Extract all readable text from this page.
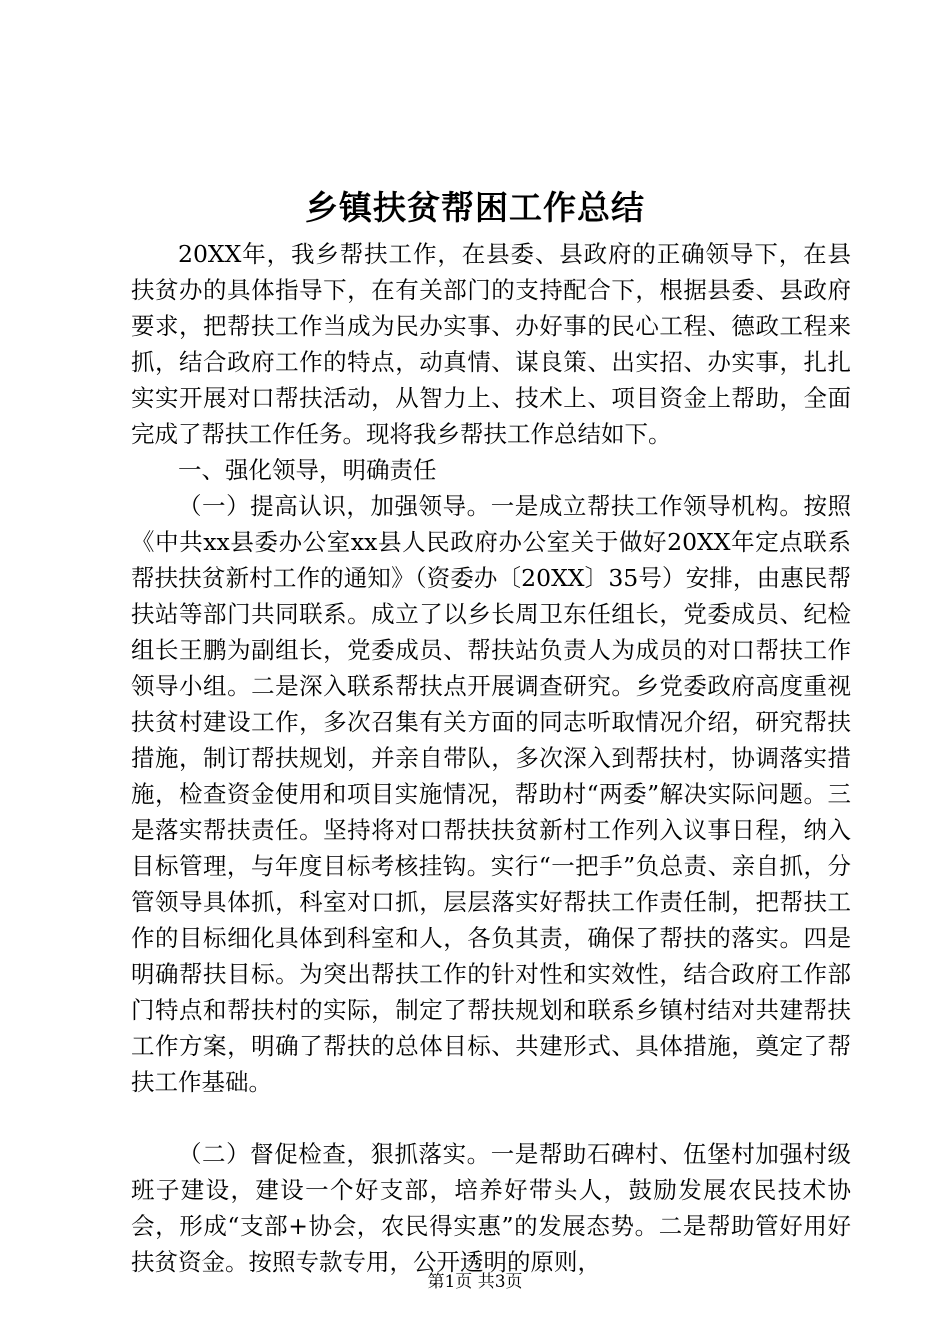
乡镇扶贫帮困工作总结

20XX年，我乡帮扶工作，在县委、县政府的正确领导下，在县扶贫办的具体指导下，在有关部门的支持配合下，根据县委、县政府要求，把帮扶工作当成为民办实事、办好事的民心工程、德政工程来抓，结合政府工作的特点，动真情、谋良策、出实招、办实事，扎扎实实开展对口帮扶活动，从智力上、技术上、项目资金上帮助，全面完成了帮扶工作任务。现将我乡帮扶工作总结如下。

一、强化领导，明确责任

（一）提高认识，加强领导。一是成立帮扶工作领导机构。按照《中共xx县委办公室xx县人民政府办公室关于做好20XX年定点联系帮扶扶贫新村工作的通知》（资委办〔20XX〕35号）安排，由惠民帮扶站等部门共同联系。成立了以乡长周卫东任组长，党委成员、纪检组长王鹏为副组长，党委成员、帮扶站负责人为成员的对口帮扶工作领导小组。二是深入联系帮扶点开展调查研究。乡党委政府高度重视扶贫村建设工作，多次召集有关方面的同志听取情况介绍，研究帮扶措施，制订帮扶规划，并亲自带队，多次深入到帮扶村，协调落实措施，检查资金使用和项目实施情况，帮助村“两委”解决实际问题。三是落实帮扶责任。坚持将对口帮扶扶贫新村工作列入议事日程，纳入目标管理，与年度目标考核挂钩。实行“一把手”负总责、亲自抓，分管领导具体抓，科室对口抓，层层落实好帮扶工作责任制，把帮扶工作的目标细化具体到科室和人，各负其责，确保了帮扶的落实。四是明确帮扶目标。为突出帮扶工作的针对性和实效性，结合政府工作部门特点和帮扶村的实际，制定了帮扶规划和联系乡镇村结对共建帮扶工作方案，明确了帮扶的总体目标、共建形式、具体措施，奠定了帮扶工作基础。

（二）督促检查，狠抓落实。一是帮助石碑村、伍堡村加强村级班子建设，建设一个好支部，培养好带头人，鼓励发展农民技术协会，形成“支部+协会，农民得实惠”的发展态势。二是帮助管好用好扶贫资金。按照专款专用，公开透明的原则，

第1页 共3页
